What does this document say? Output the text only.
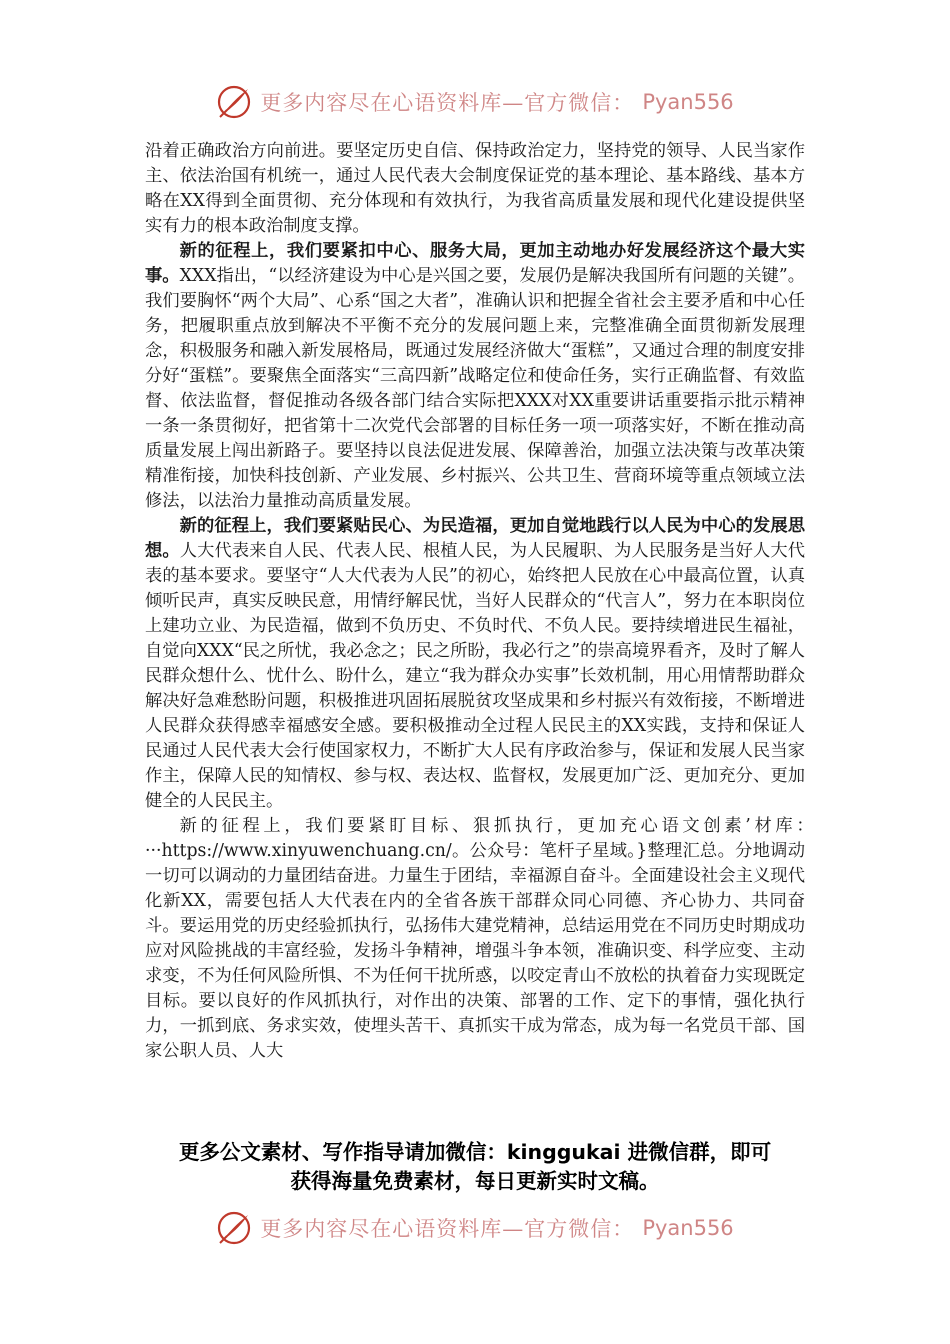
更多内容尽在心语资料库—官方微信： Pyan556

沿着正确政治方向前进。要坚定历史自信、保持政治定力，坚持党的领导、人民当家作主、依法治国有机统一，通过人民代表大会制度保证党的基本理论、基本路线、基本方略在XX得到全面贯彻、充分体现和有效执行，为我省高质量发展和现代化建设提供坚实有力的根本政治制度支撑。

新的征程上，我们要紧扣中心、服务大局，更加主动地办好发展经济这个最大实事。XXX指出，“以经济建设为中心是兴国之要，发展仍是解决我国所有问题的关键”。我们要胸怀“两个大局”、心系“国之大者”，准确认识和把握全省社会主要矛盾和中心任务，把履职重点放到解决不平衡不充分的发展问题上来，完整准确全面贯彻新发展理念，积极服务和融入新发展格局，既通过发展经济做大“蛋糕”，又通过合理的制度安排分好“蛋糕”。要聚焦全面落实“三高四新”战略定位和使命任务，实行正确监督、有效监督、依法监督，督促推动各级各部门结合实际把XXX对XX重要讲话重要指示批示精神一条一条贯彻好，把省第十二次党代会部署的目标任务一项一项落实好，不断在推动高质量发展上闯出新路子。要坚持以良法促进发展、保障善治，加强立法决策与改革决策精准衔接，加快科技创新、产业发展、乡村振兴、公共卫生、营商环境等重点领域立法修法，以法治力量推动高质量发展。

新的征程上，我们要紧贴民心、为民造福，更加自觉地践行以人民为中心的发展思想。人大代表来自人民、代表人民、根植人民，为人民履职、为人民服务是当好人大代表的基本要求。要坚守“人大代表为人民”的初心，始终把人民放在心中最高位置，认真倾听民声，真实反映民意，用情纾解民忧，当好人民群众的“代言人”，努力在本职岗位上建功立业、为民造福，做到不负历史、不负时代、不负人民。要持续增进民生福祉，自觉向XXX“民之所忧，我必念之；民之所盼，我必行之”的崇高境界看齐，及时了解人民群众想什么、忧什么、盼什么，建立“我为群众办实事”长效机制，用心用情帮助群众解决好急难愁盼问题，积极推进巩固拓展脱贫攻坚成果和乡村振兴有效衔接，不断增进人民群众获得感幸福感安全感。要积极推动全过程人民民主的XX实践，支持和保证人民通过人民代表大会行使国家权力，不断扩大人民有序政治参与，保证和发展人民当家作主，保障人民的知情权、参与权、表达权、监督权，发展更加广泛、更加充分、更加健全的人民民主。

新的征程上，我们要紧盯目标、狠抓执行，更加充心语文创素’材库：···https://www.xinyuwenchuang.cn/。公众号：笔杆子星域。}整理汇总。分地调动一切可以调动的力量团结奋进。力量生于团结，幸福源自奋斗。全面建设社会主义现代化新XX，需要包括人大代表在内的全省各族干部群众同心同德、齐心协力、共同奋斗。要运用党的历史经验抓执行，弘扬伟大建党精神，总结运用党在不同历史时期成功应对风险挑战的丰富经验，发扬斗争精神，增强斗争本领，准确识变、科学应变、主动求变，不为任何风险所惧、不为任何干扰所惑，以咬定青山不放松的执着奋力实现既定目标。要以良好的作风抓执行，对作出的决策、部署的工作、定下的事情，强化执行力，一抓到底、务求实效，使埋头苦干、真抓实干成为常态，成为每一名党员干部、国家公职人员、人大

更多公文素材、写作指导请加微信：kinggukai 进微信群，即可
获得海量免费素材，每日更新实时文稿。
更多内容尽在心语资料库—官方微信： Pyan556
